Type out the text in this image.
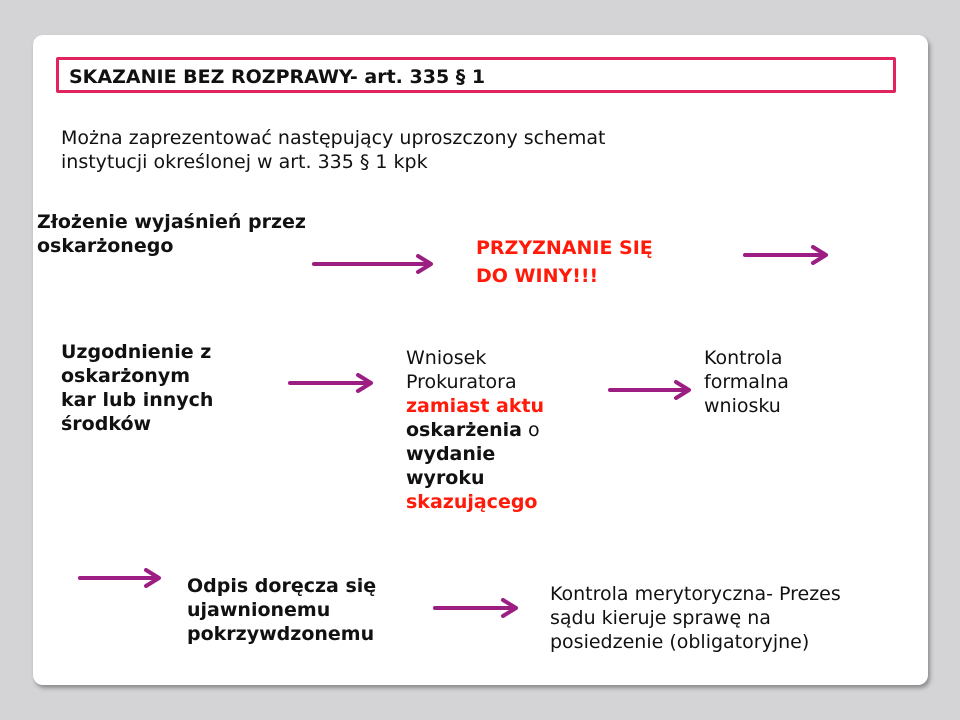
SKAZANIE BEZ ROZPRAWY- art. 335 § 1
Można zaprezentować następujący uproszczony schemat
instytucji określonej w art. 335 § 1 kpk
Złożenie wyjaśnień przez
oskarżonego	PRZYZNANIE SIĘ
DO WINY!!!
Uzgodnienie z
oskarżonym
kar lub innych
środków
Wniosek
Prokuratora
zamiast aktu
oskarżenia o
wydanie
wyroku
skazującego
Kontrola
formalna
wniosku
Odpis doręcza się
ujawnionemu
pokrzywdzonemu
Kontrola merytoryczna- Prezes
sądu kieruje sprawę na
posiedzenie (obligatoryjne)
